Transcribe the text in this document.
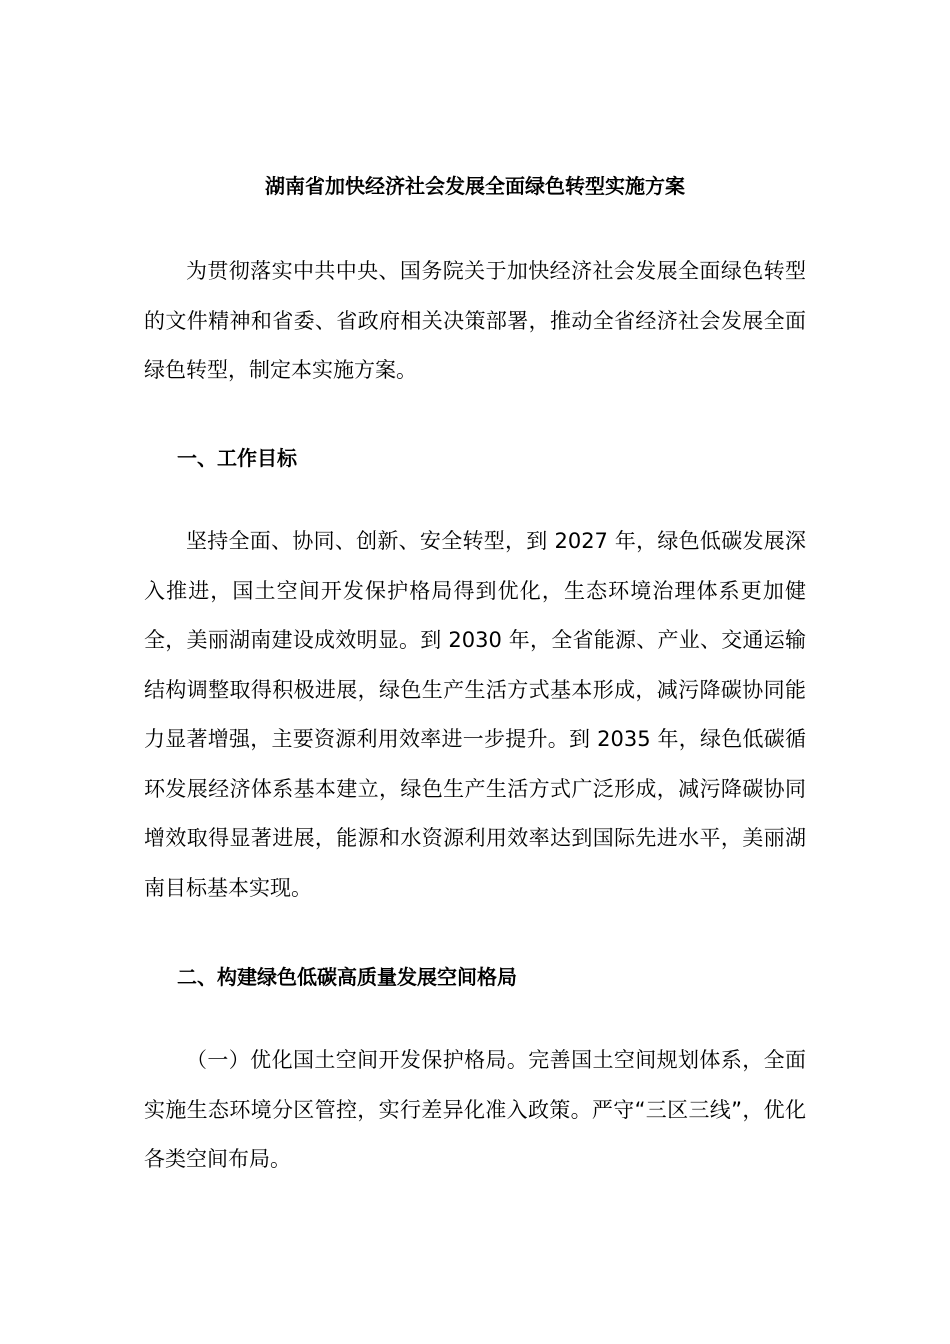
湖南省加快经济社会发展全面绿色转型实施方案

为贯彻落实中共中央、国务院关于加快经济社会发展全面绿色转型的文件精神和省委、省政府相关决策部署，推动全省经济社会发展全面绿色转型，制定本实施方案。

一、工作目标

坚持全面、协同、创新、安全转型，到 2027 年，绿色低碳发展深入推进，国土空间开发保护格局得到优化，生态环境治理体系更加健全，美丽湖南建设成效明显。到 2030 年，全省能源、产业、交通运输结构调整取得积极进展，绿色生产生活方式基本形成，减污降碳协同能力显著增强，主要资源利用效率进一步提升。到 2035 年，绿色低碳循环发展经济体系基本建立，绿色生产生活方式广泛形成，减污降碳协同增效取得显著进展，能源和水资源利用效率达到国际先进水平，美丽湖南目标基本实现。

二、构建绿色低碳高质量发展空间格局

（一）优化国土空间开发保护格局。完善国土空间规划体系，全面实施生态环境分区管控，实行差异化准入政策。严守“三区三线”，优化各类空间布局。
